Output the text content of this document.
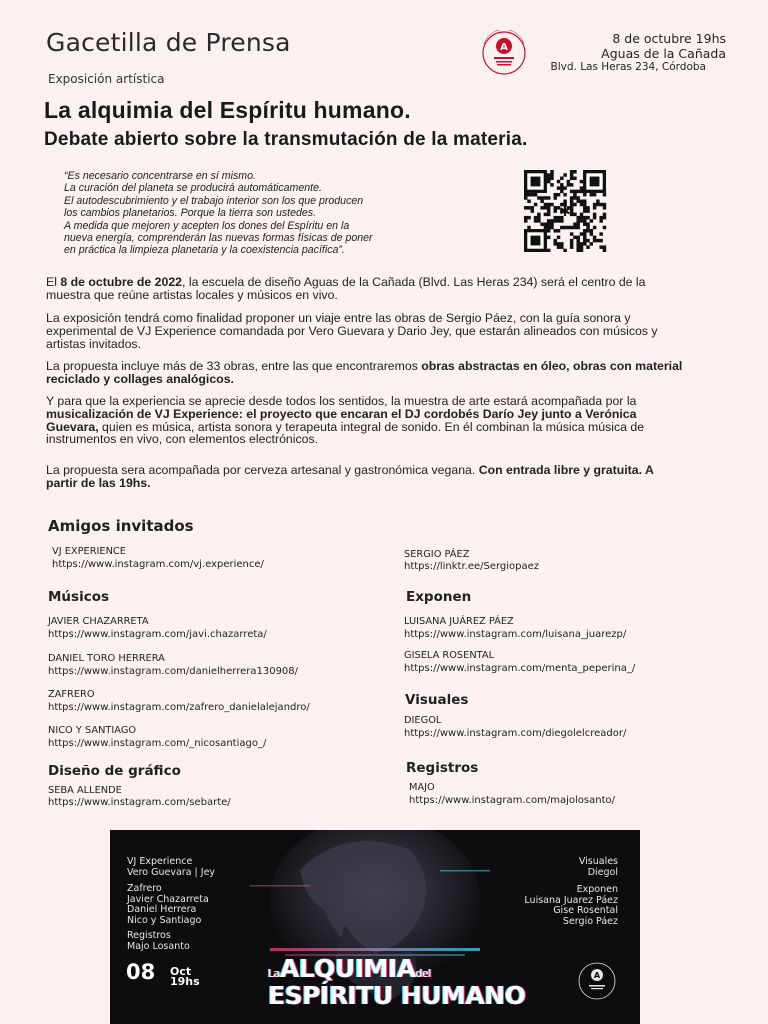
Gacetilla de Prensa
Exposición artística
A
8 de octubre 19hs
Aguas de la Cañada
Blvd. Las Heras 234, Córdoba
La alquimia del Espíritu humano.
Debate abierto sobre la transmutación de la materia.
“Es necesario concentrarse en sí mismo.
La curación del planeta se producirá automáticamente.
El autodescubrimiento y el trabajo interior son los que producen
los cambios planetarios. Porque la tierra son ustedes.
A medida que mejoren y acepten los dones del Espíritu en la
nueva energía, comprenderán las nuevas formas físicas de poner
en práctica la limpieza planetaria y la coexistencia pacífica”.
✱
El 8 de octubre de 2022, la escuela de diseño Aguas de la Cañada (Blvd. Las Heras 234) será el centro de la muestra que reúne artistas locales y músicos en vivo.
La exposición tendrá como finalidad proponer un viaje entre las obras de Sergio Páez, con la guía sonora y experimental de VJ Experience comandada por Vero Guevara y Dario Jey, que estarán alineados con músicos y artistas invitados.
La propuesta incluye más de 33 obras, entre las que encontraremos obras abstractas en óleo, obras con material reciclado y collages analógicos.
Y para que la experiencia se aprecie desde todos los sentidos, la muestra de arte estará acompañada por la musicalización de VJ Experience: el proyecto que encaran el DJ cordobés Darío Jey junto a Verónica Guevara, quien es música, artista sonora y terapeuta integral de sonido. En él combinan la música música de instrumentos en vivo, con elementos electrónicos.
La propuesta sera acompañada por cerveza artesanal y gastronómica vegana. Con entrada libre y gratuita. A partir de las 19hs.
Amigos invitados
VJ EXPERIENCE
https://www.instagram.com/vj.experience/
SERGIO PÁEZ
https://linktr.ee/Sergiopaez
Músicos
JAVIER CHAZARRETA
https://www.instagram.com/javi.chazarreta/
DANIEL TORO HERRERA
https://www.instagram.com/danielherrera130908/
ZAFRERO
https://www.instagram.com/zafrero_danielalejandro/
NICO Y SANTIAGO
https://www.instagram.com/_nicosantiago_/
Exponen
LUISANA JUÁREZ PÁEZ
https://www.instagram.com/luisana_juarezp/
GISELA ROSENTAL
https://www.instagram.com/menta_peperina_/
Visuales
DIEGOL
https://www.instagram.com/diegolelcreador/
Diseño de gráfico
SEBA ALLENDE
https://www.instagram.com/sebarte/
Registros
MAJO
https://www.instagram.com/majolosanto/
VJ Experience
Vero Guevara | Jey
Zafrero
Javier Chazarreta
Daniel Herrera
Nico y Santiago
Registros
Majo Losanto
Visuales
Diegol
Exponen
Luisana Juarez Páez
Gise Rosental
Sergio Páez
08 Oct
19hs
LaALQUIMIAdel
ESPÍRITU HUMANO
A
